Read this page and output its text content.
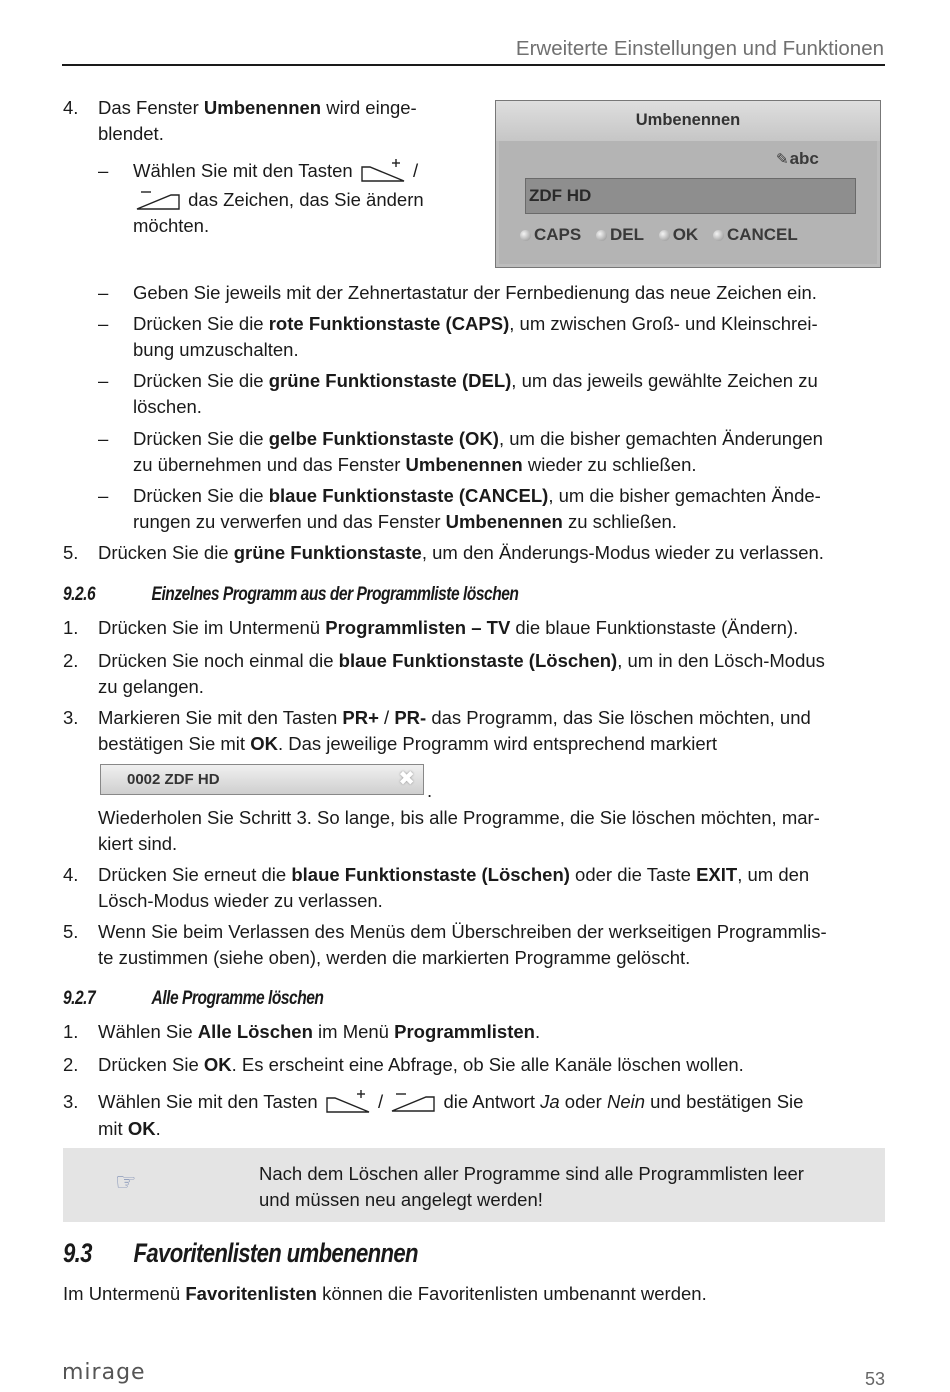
Erweiterte Einstellungen und Funktionen
4. Das Fenster Umbenennen wird einge-
blendet.
– Wählen Sie mit den Tasten	/
das Zeichen, das Sie ändern
möchten.
Umbenennen
✎abc
ZDF HD
CAPS DEL OK CANCEL
– Geben Sie jeweils mit der Zehnertastatur der Fernbedienung das neue Zeichen ein.
– Drücken Sie die rote Funktionstaste (CAPS), um zwischen Groß- und Kleinschrei-
bung umzuschalten.
– Drücken Sie die grüne Funktionstaste (DEL), um das jeweils gewählte Zeichen zu
löschen.
– Drücken Sie die gelbe Funktionstaste (OK), um die bisher gemachten Änderungen
zu übernehmen und das Fenster Umbenennen wieder zu schließen.
– Drücken Sie die blaue Funktionstaste (CANCEL), um die bisher gemachten Ände-
rungen zu verwerfen und das Fenster Umbenennen zu schließen.
5. Drücken Sie die grüne Funktionstaste, um den Änderungs-Modus wieder zu verlassen.
9.2.6	Einzelnes Programm aus der Programmliste löschen
1. Drücken Sie im Untermenü Programmlisten – TV die blaue Funktionstaste (Ändern).
2. Drücken Sie noch einmal die blaue Funktionstaste (Löschen), um in den Lösch-Modus
zu gelangen.
3. Markieren Sie mit den Tasten PR+ / PR- das Programm, das Sie löschen möchten, und
bestätigen Sie mit OK. Das jeweilige Programm wird entsprechend markiert
0002 ZDF HD	✖
.
Wiederholen Sie Schritt 3. So lange, bis alle Programme, die Sie löschen möchten, mar-
kiert sind.
4. Drücken Sie erneut die blaue Funktionstaste (Löschen) oder die Taste EXIT, um den
Lösch-Modus wieder zu verlassen.
5. Wenn Sie beim Verlassen des Menüs dem Überschreiben der werkseitigen Programmlis-
te zustimmen (siehe oben), werden die markierten Programme gelöscht.
9.2.7	Alle Programme löschen
1. Wählen Sie Alle Löschen im Menü Programmlisten.
2. Drücken Sie OK. Es erscheint eine Abfrage, ob Sie alle Kanäle löschen wollen.
3. Wählen Sie mit den Tasten	/	die Antwort Ja oder Nein und bestätigen Sie
mit OK.
☞	Nach dem Löschen aller Programme sind alle Programmlisten leer
und müssen neu angelegt werden!
9.3 Favoritenlisten umbenennen
Im Untermenü Favoritenlisten können die Favoritenlisten umbenannt werden.
mirage	53
